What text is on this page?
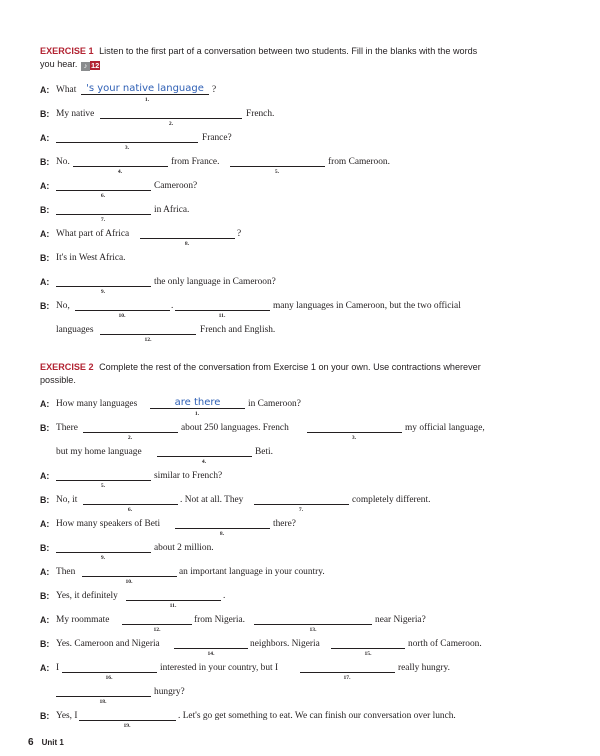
EXERCISE 1 Listen to the first part of a conversation between two students. Fill in the blanks with the words you hear. ♪ 12
A: What 's your native language
1.
?
B: My native
2.
French.
A:
3.
France?
B: No.
4.
from France.
5.
from Cameroon.
A:
6.
Cameroon?
B:
7.
in Africa.
A: What part of Africa
8.
?
B: It's in West Africa.
A:
9.
the only language in Cameroon?
B: No,
10.
.
11.
many languages in Cameroon, but the two official
languages
12.
French and English.
EXERCISE 2 Complete the rest of the conversation from Exercise 1 on your own. Use contractions wherever possible.
A: How many languages	are there
1.
in Cameroon?
B: There
2.
about 250 languages. French
3.
my official language,
but my home language
4.
Beti.
A:
5.
similar to French?
B: No, it
6.
. Not at all. They
7.
completely different.
A: How many speakers of Beti
8.
there?
B:
9.
about 2 million.
A: Then
10.
an important language in your country.
B: Yes, it definitely
11.
.
A: My roommate
12.
from Nigeria.
13.
near Nigeria?
B: Yes. Cameroon and Nigeria
14.
neighbors. Nigeria
15.
north of Cameroon.
A: I
16.
interested in your country, but I
17.
really hungry.
18.
hungry?
B: Yes, I
19.
. Let's go get something to eat. We can finish our conversation over lunch.
6 Unit 1
